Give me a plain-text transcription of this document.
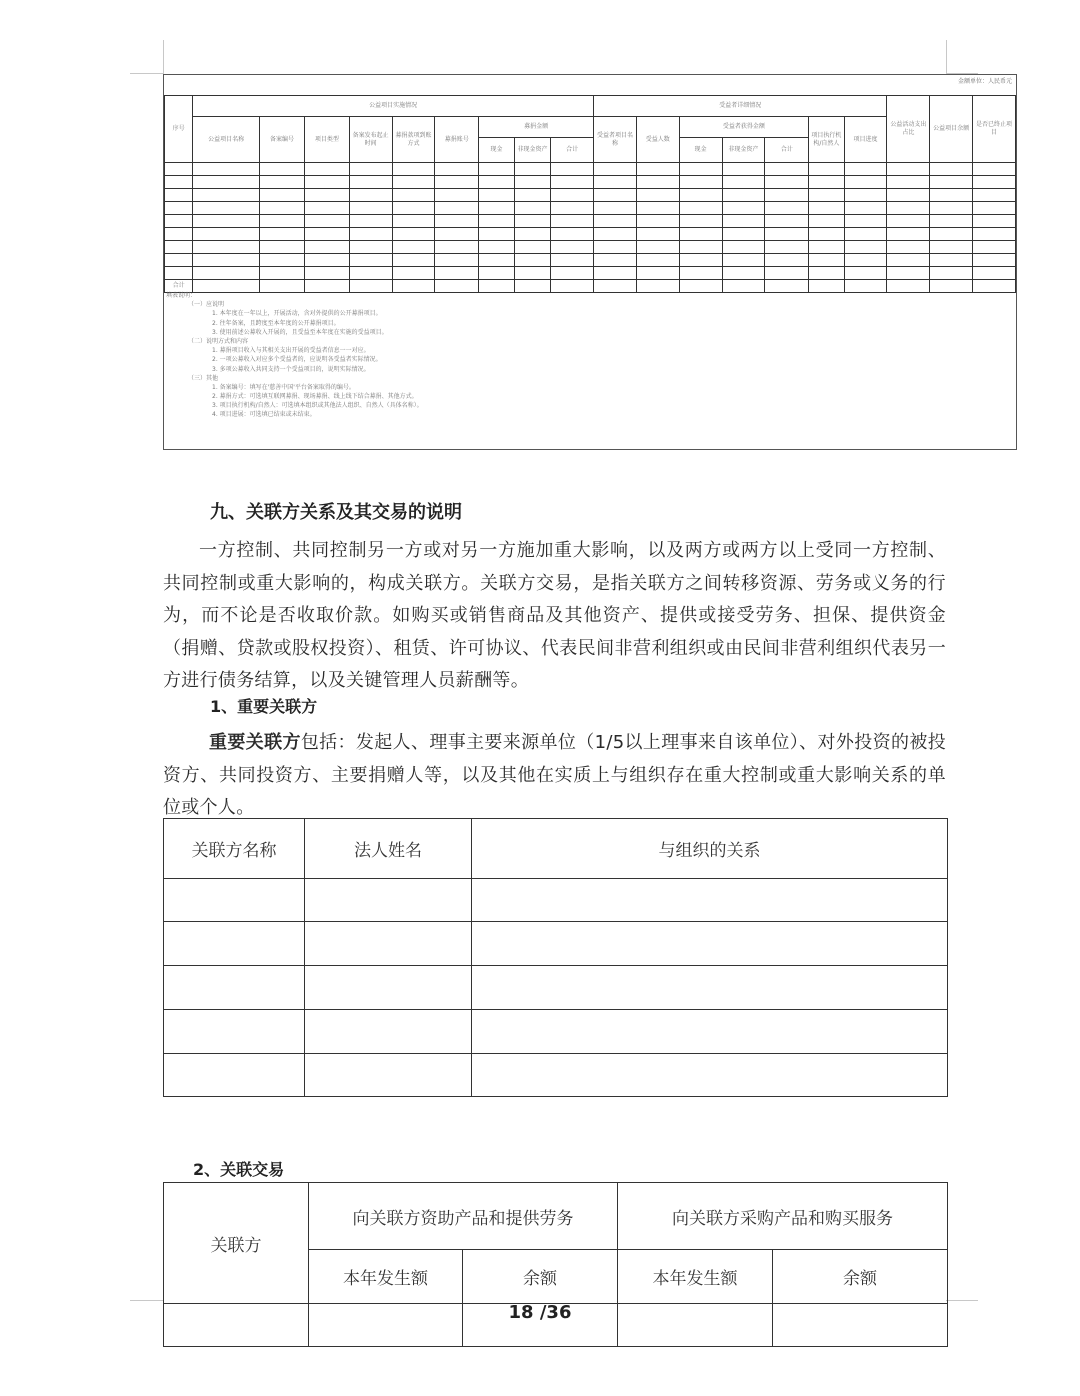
金额单位：人民币元
序号	公益项目实施情况									受益者详细情况							公益活动支出占比	公益项目余额	是否已终止项目
	公益项目名称	备案编号	项目类型	备案发布起止时间	募捐款项到账方式	募捐账号	募捐金额			受益者项目名称	受益人数	受益者获得金额			项目执行机构/自然人	项目进度			
							现金	非现金资产	合计			现金	非现金资产	合计					

合计																			
填表说明：
（一）应说明
1. 本年度在一年以上，开展活动，含对外提供的公开募捐项目。
2. 往年备案，且跨度至本年度的公开募捐项目。
3. 使用前述公募收入开展的，且受益至本年度在实施的受益项目。
（二）说明方式和内容
1. 募捐项目收入与其相关支出开展的受益者信息一一对应。
2. 一项公募收入对应多个受益者的，应说明各受益者实际情况。
3. 多项公募收入共同支持一个受益项目的，说明实际情况。
（三）其他
1. 备案编号：填写在'慈善中国'平台备案取得的编号。
2. 募捐方式：可选填互联网募捐、现场募捐、线上线下结合募捐、其他方式。
3. 项目执行机构/自然人：可选填本组织或其他法人组织、自然人（具体名称）。
4. 项目进展：可选填已结束或未结束。
九、关联方关系及其交易的说明

一方控制、共同控制另一方或对另一方施加重大影响，以及两方或两方以上受同一方控制、共同控制或重大影响的，构成关联方。关联方交易，是指关联方之间转移资源、劳务或义务的行为，而不论是否收取价款。如购买或销售商品及其他资产、提供或接受劳务、担保、提供资金（捐赠、贷款或股权投资）、租赁、许可协议、代表民间非营利组织或由民间非营利组织代表另一方进行债务结算，以及关键管理人员薪酬等。

1、重要关联方

重要关联方包括：发起人、理事主要来源单位（1/5以上理事来自该单位）、对外投资的被投资方、共同投资方、主要捐赠人等，以及其他在实质上与组织存在重大控制或重大影响关系的单位或个人。

关联方名称	法人姓名	与组织的关系

2、关联交易
关联方	向关联方资助产品和提供劳务		向关联方采购产品和购买服务	
	本年发生额	余额	本年发生额	余额

18 /36
